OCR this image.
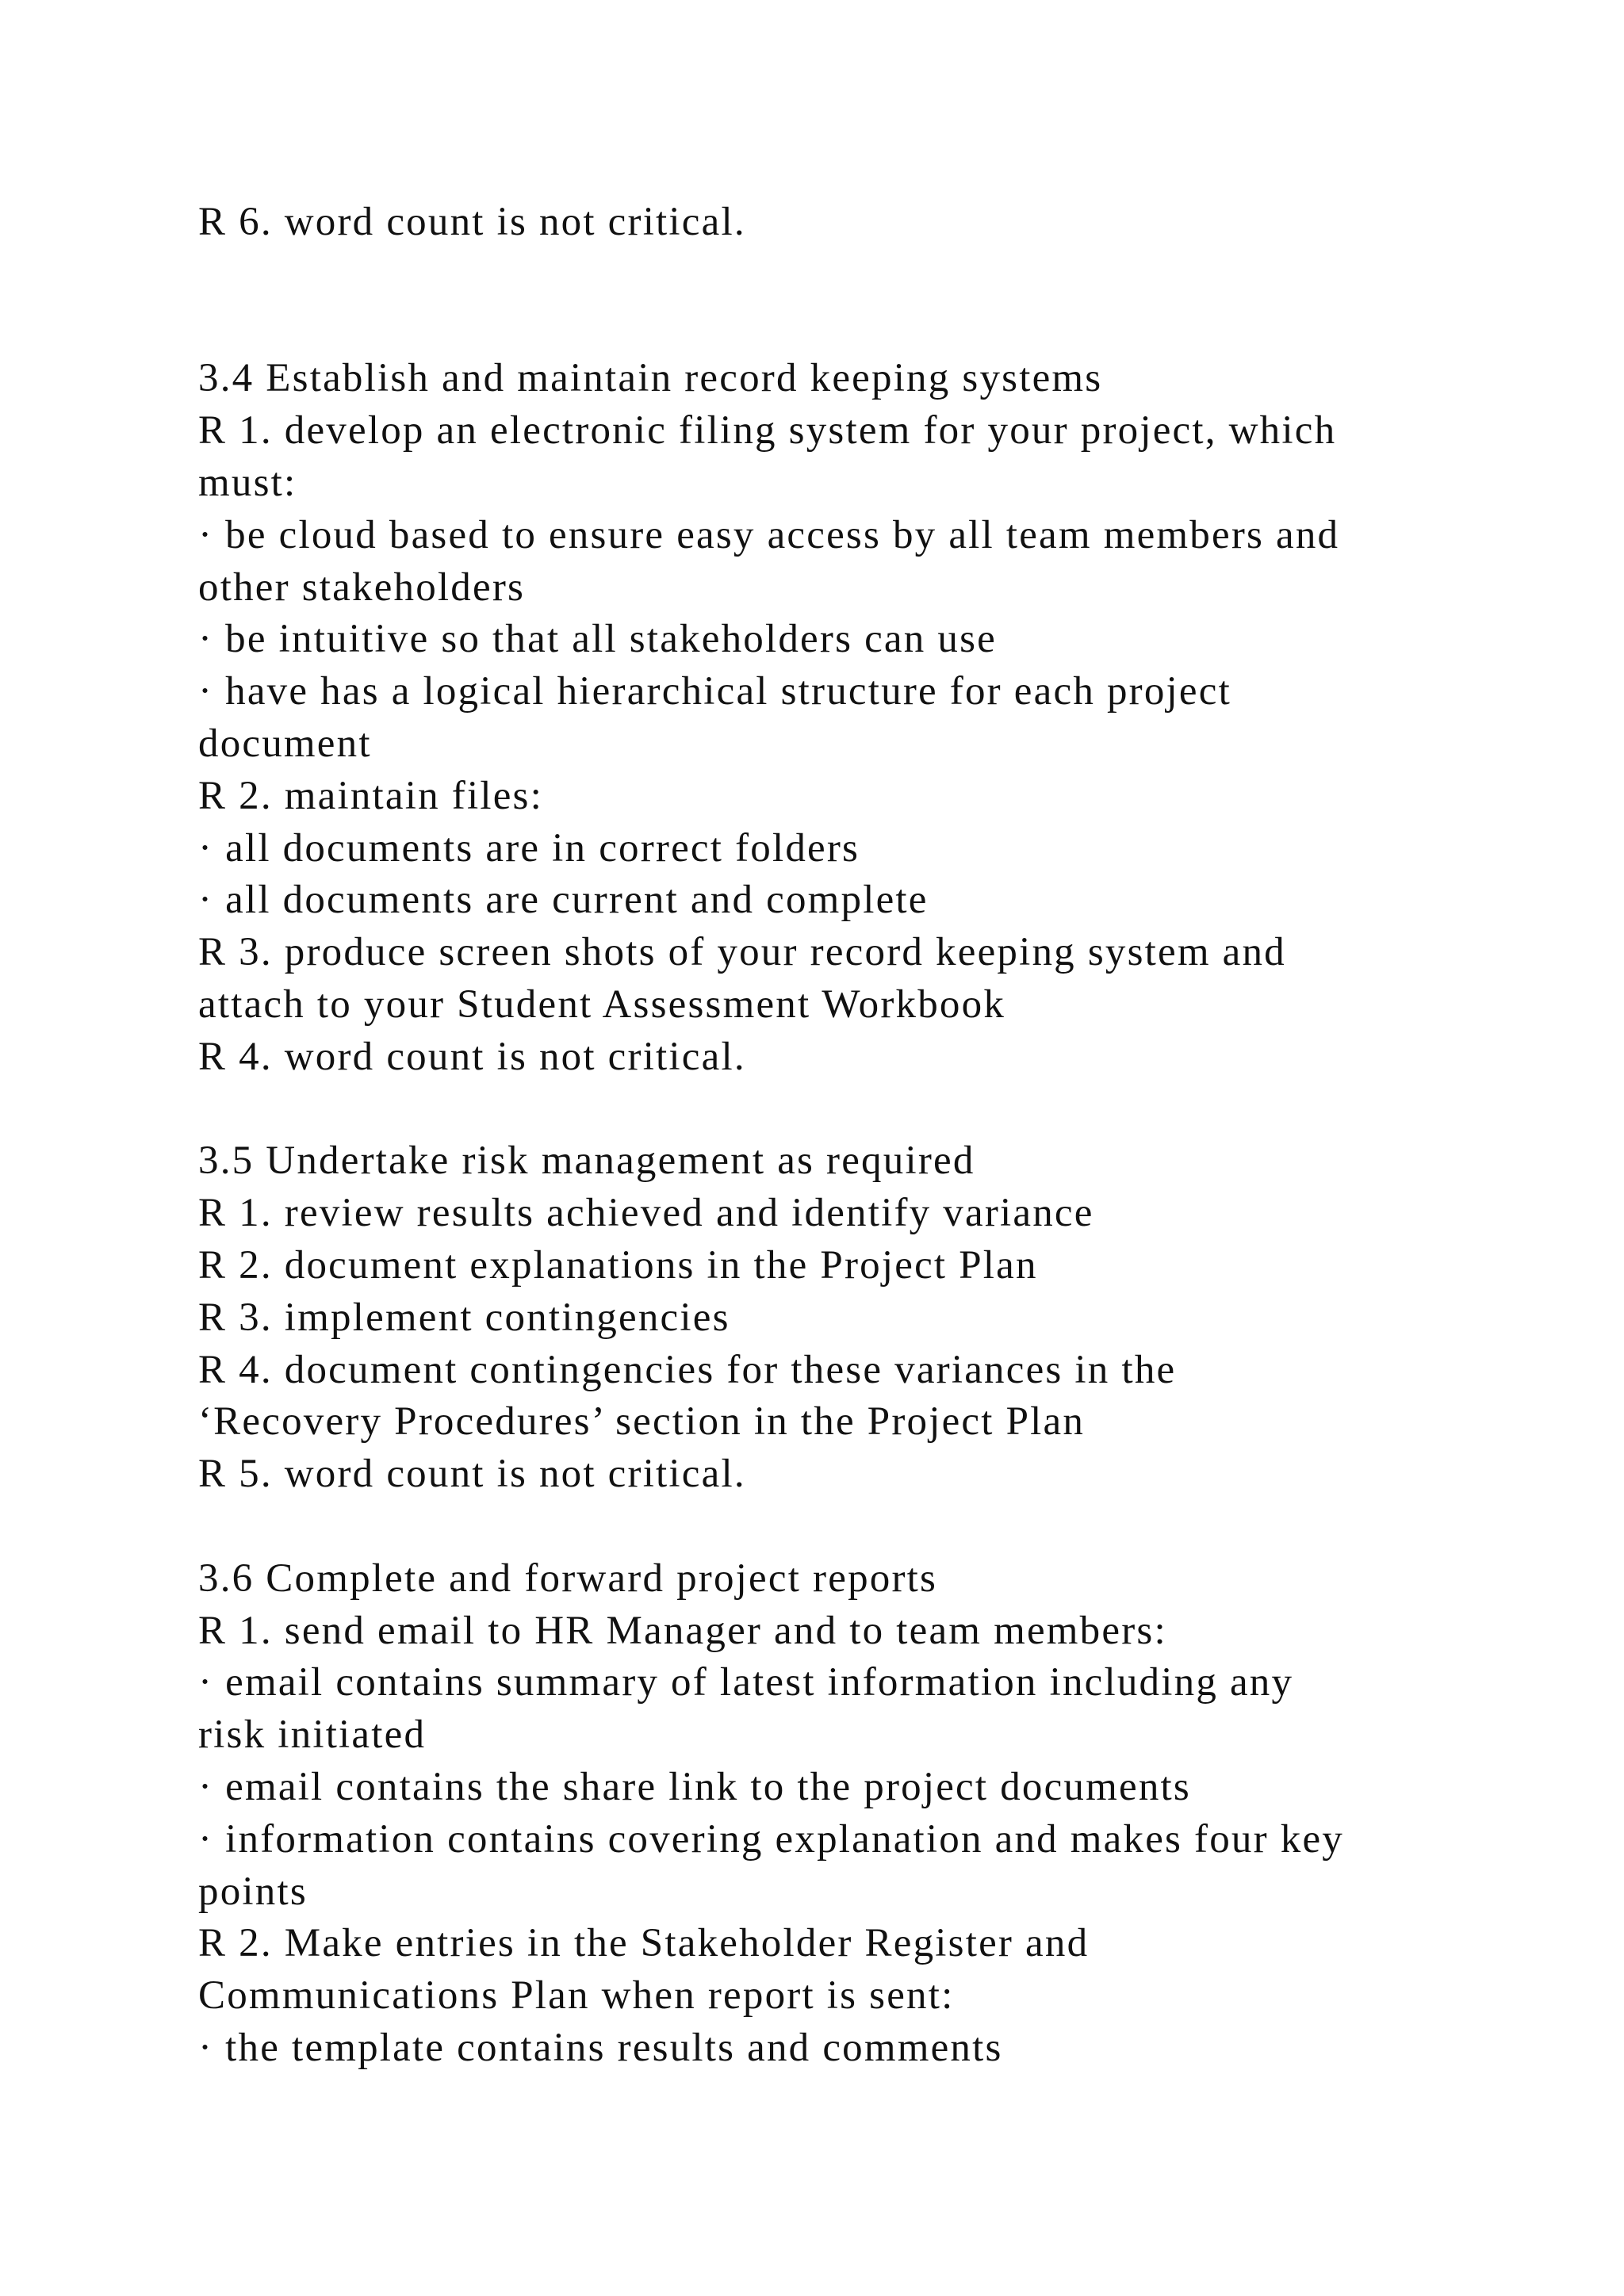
R 6. word count is not critical.
3.4 Establish and maintain record keeping systems
R 1. develop an electronic filing system for your project, which
must:
· be cloud based to ensure easy access by all team members and
other stakeholders
· be intuitive so that all stakeholders can use
· have has a logical hierarchical structure for each project
document
R 2. maintain files:
· all documents are in correct folders
· all documents are current and complete
R 3. produce screen shots of your record keeping system and
attach to your Student Assessment Workbook
R 4. word count is not critical.
3.5 Undertake risk management as required
R 1. review results achieved and identify variance
R 2. document explanations in the Project Plan
R 3. implement contingencies
R 4. document contingencies for these variances in the
‘Recovery Procedures’ section in the Project Plan
R 5. word count is not critical.
3.6 Complete and forward project reports
R 1. send email to HR Manager and to team members:
· email contains summary of latest information including any
risk initiated
· email contains the share link to the project documents
· information contains covering explanation and makes four key
points
R 2. Make entries in the Stakeholder Register and
Communications Plan when report is sent:
· the template contains results and comments
